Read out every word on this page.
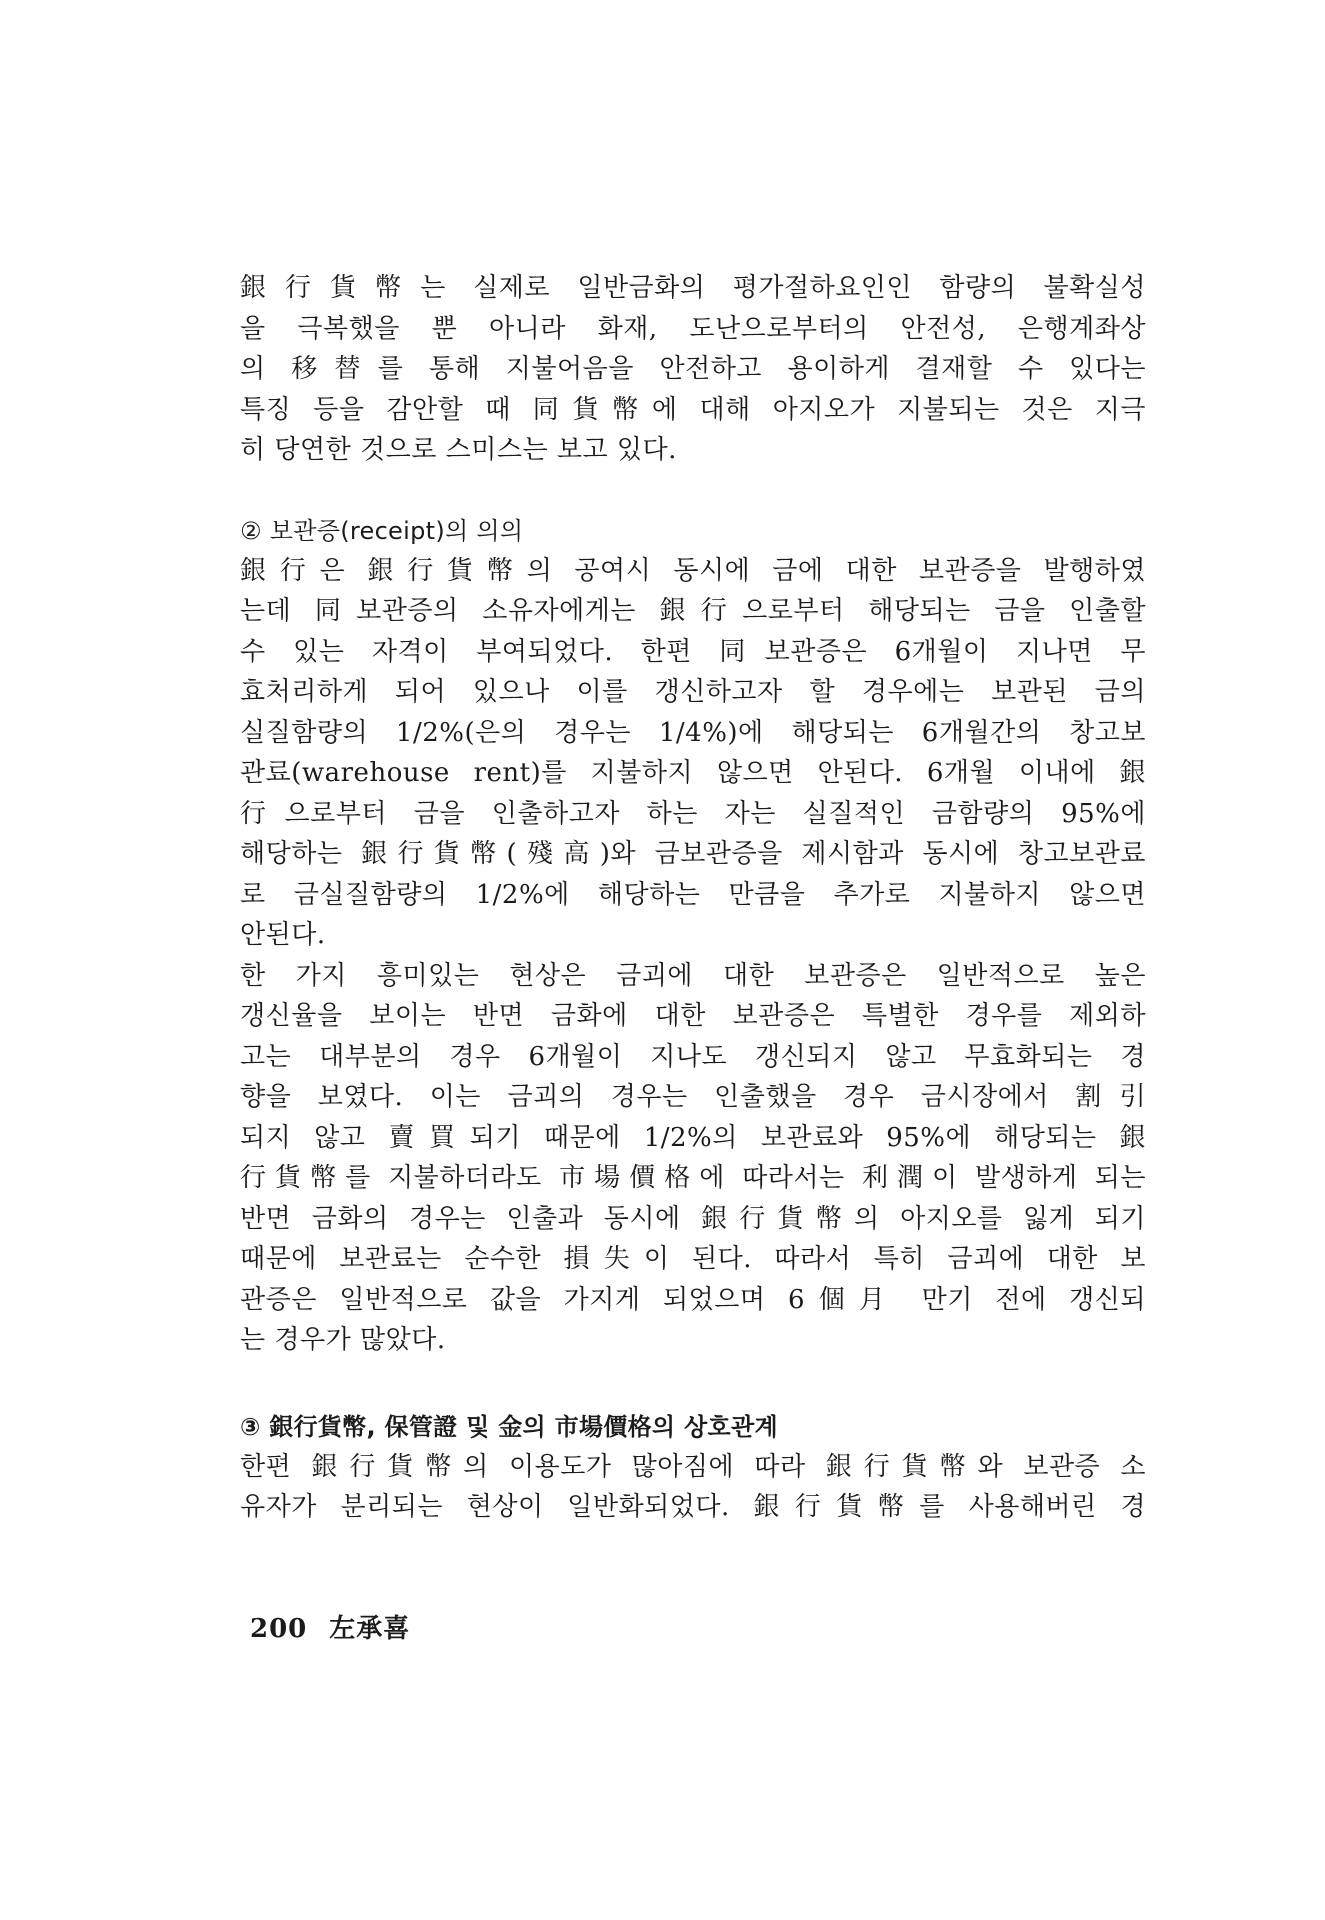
銀行貨幣는 실제로 일반금화의 평가절하요인인 함량의 불확실성
을 극복했을 뿐 아니라 화재, 도난으로부터의 안전성, 은행계좌상
의 移替를 통해 지불어음을 안전하고 용이하게 결재할 수 있다는
특징 등을 감안할 때 同貨幣에 대해 아지오가 지불되는 것은 지극
히 당연한 것으로 스미스는 보고 있다.

② 보관증(receipt)의 의의

銀行은 銀行貨幣의 공여시 동시에 금에 대한 보관증을 발행하였
는데 同보관증의 소유자에게는 銀行으로부터 해당되는 금을 인출할
수 있는 자격이 부여되었다. 한편 同보관증은 6개월이 지나면 무
효처리하게 되어 있으나 이를 갱신하고자 할 경우에는 보관된 금의
실질함량의 1/2%(은의 경우는 1/4%)에 해당되는 6개월간의 창고보
관료(warehouse rent)를 지불하지 않으면 안된다. 6개월 이내에 銀
行으로부터 금을 인출하고자 하는 자는 실질적인 금함량의 95%에
해당하는 銀行貨幣(殘高)와 금보관증을 제시함과 동시에 창고보관료
로 금실질함량의 1/2%에 해당하는 만큼을 추가로 지불하지 않으면
안된다.
한 가지 흥미있는 현상은 금괴에 대한 보관증은 일반적으로 높은
갱신율을 보이는 반면 금화에 대한 보관증은 특별한 경우를 제외하
고는 대부분의 경우 6개월이 지나도 갱신되지 않고 무효화되는 경
향을 보였다. 이는 금괴의 경우는 인출했을 경우 금시장에서 割引
되지 않고 賣買되기 때문에 1/2%의 보관료와 95%에 해당되는 銀
行貨幣를 지불하더라도 市場價格에 따라서는 利潤이 발생하게 되는
반면 금화의 경우는 인출과 동시에 銀行貨幣의 아지오를 잃게 되기
때문에 보관료는 순수한 損失이 된다. 따라서 특히 금괴에 대한 보
관증은 일반적으로 값을 가지게 되었으며 6個月 만기 전에 갱신되
는 경우가 많았다.

③ 銀行貨幣, 保管證 및 金의 市場價格의 상호관계

한편 銀行貨幣의 이용도가 많아짐에 따라 銀行貨幣와 보관증 소
유자가 분리되는 현상이 일반화되었다. 銀行貨幣를 사용해버린 경
200 左承喜
